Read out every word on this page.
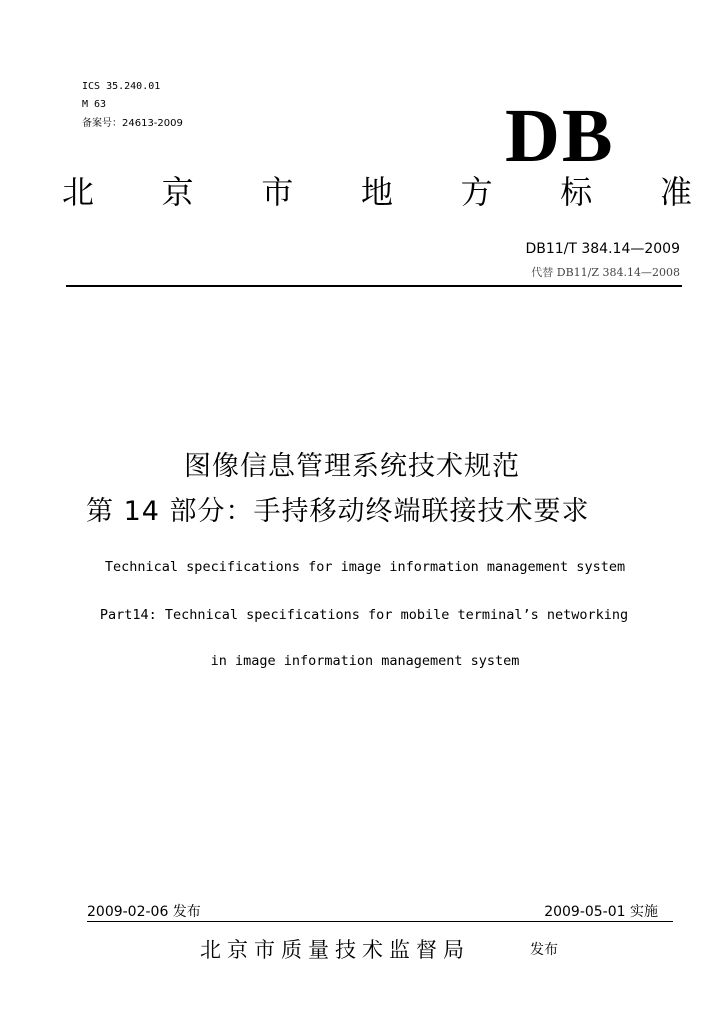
ICS 35.240.01
M 63
备案号：24613-2009	DB
北 京 市 地 方 标 准
DB11/T 384.14—2009
代替 DB11/Z 384.14—2008
图像信息管理系统技术规范
第 14 部分：手持移动终端联接技术要求
Technical specifications for image information management system
Part14: Technical specifications for mobile terminal’s networking
in image information management system
2009-02-06 发布	2009-05-01 实施
北京市质量技术监督局	发布
